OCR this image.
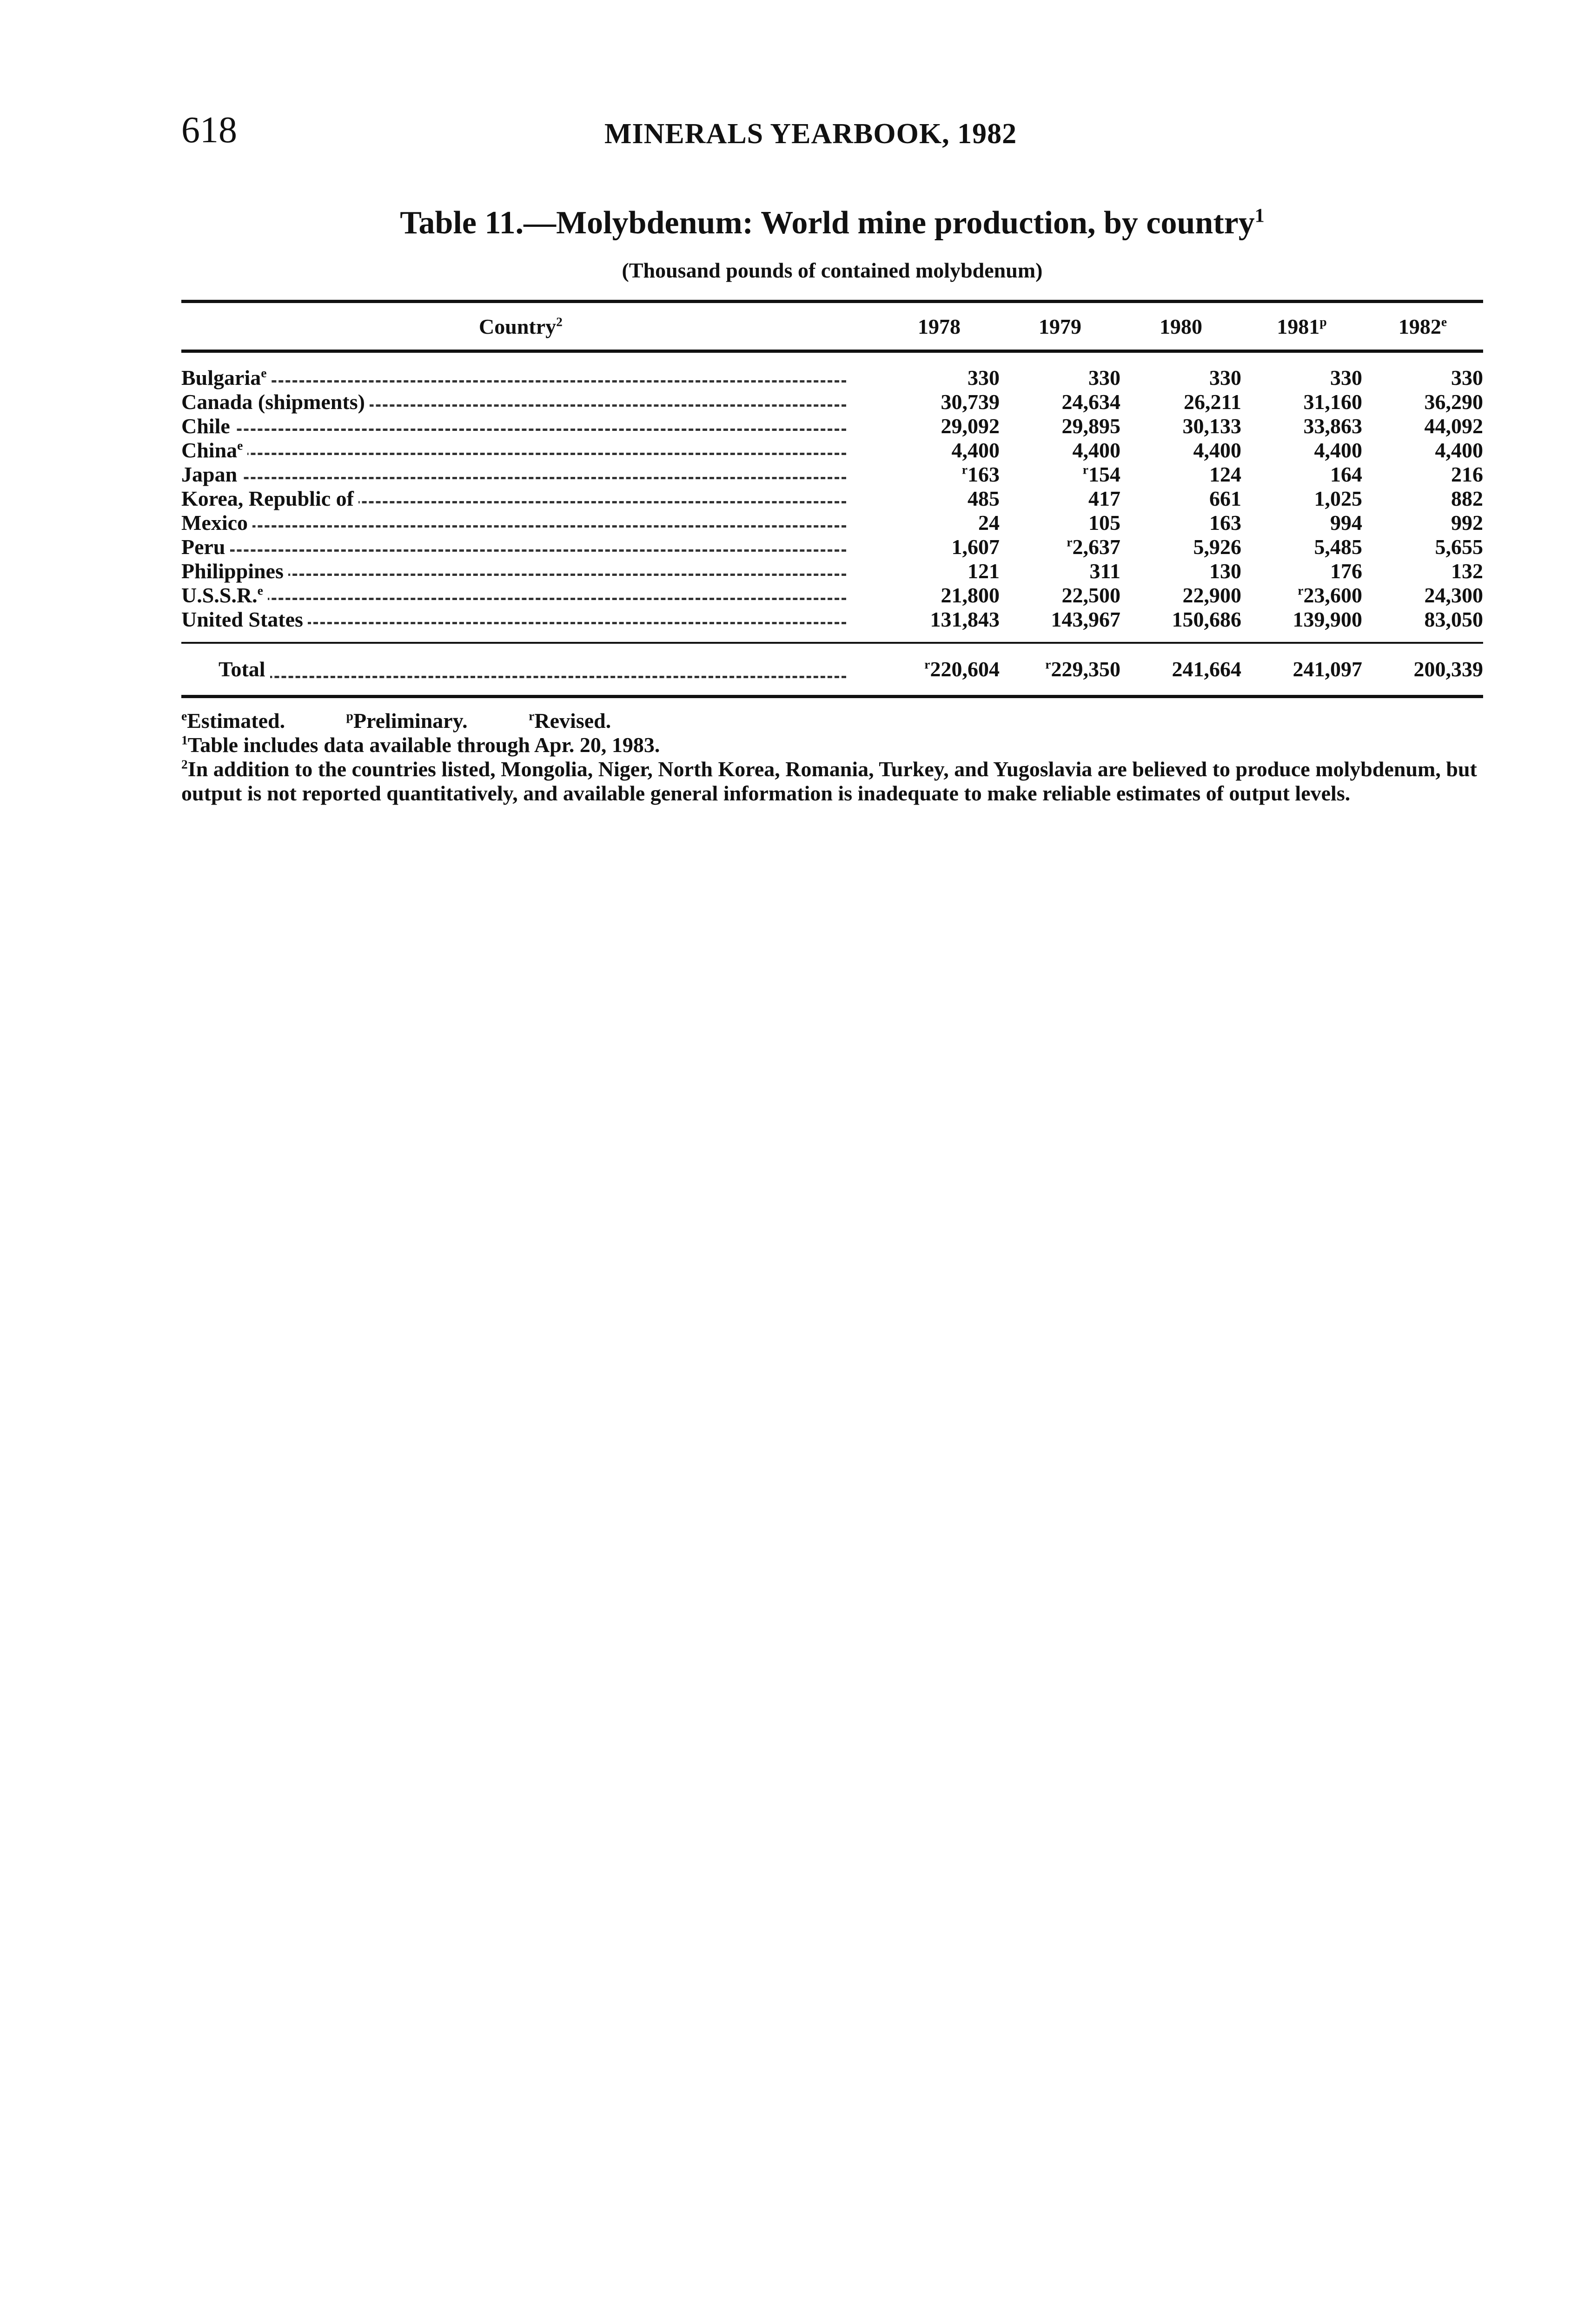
618	MINERALS YEARBOOK, 1982
Table 11.—Molybdenum: World mine production, by country$^1$
(Thousand pounds of contained molybdenum)
Country$^2$	1978	1979	1980	1981$^p$	1982e
Bulgaria$^e$	330	330	330	330	330
Canada (shipments)	30,739	24,634	26,211	31,160	36,290
Chile	29,092	29,895	30,133	33,863	44,092
China$^e$	4,400	4,400	4,400	4,400	4,400
Japan	$^r$163	$^r$154	124	164	216
Korea, Republic of	485	417	661	1,025	882
Mexico	24	105	163	994	992
Peru	1,607	$^r$2,637	5,926	5,485	5,655
Philippines	121	311	130	176	132
U.S.S.R.$^e$	21,800	22,500	22,900	$^r$23,600	24,300
United States	131,843	143,967	150,686	139,900	83,050

Total	$^r$220,604	$^r$229,350	241,664	241,097	200,339

$^e$Estimated.	$^p$Preliminary.	$^r$Revised.

$^1$Table includes data available through Apr. 20, 1983.

$^2$In addition to the countries listed, Mongolia, Niger, North Korea, Romania, Turkey, and Yugoslavia are believed to produce molybdenum, but output is not reported quantitatively, and available general information is inadequate to make reliable estimates of output levels.
